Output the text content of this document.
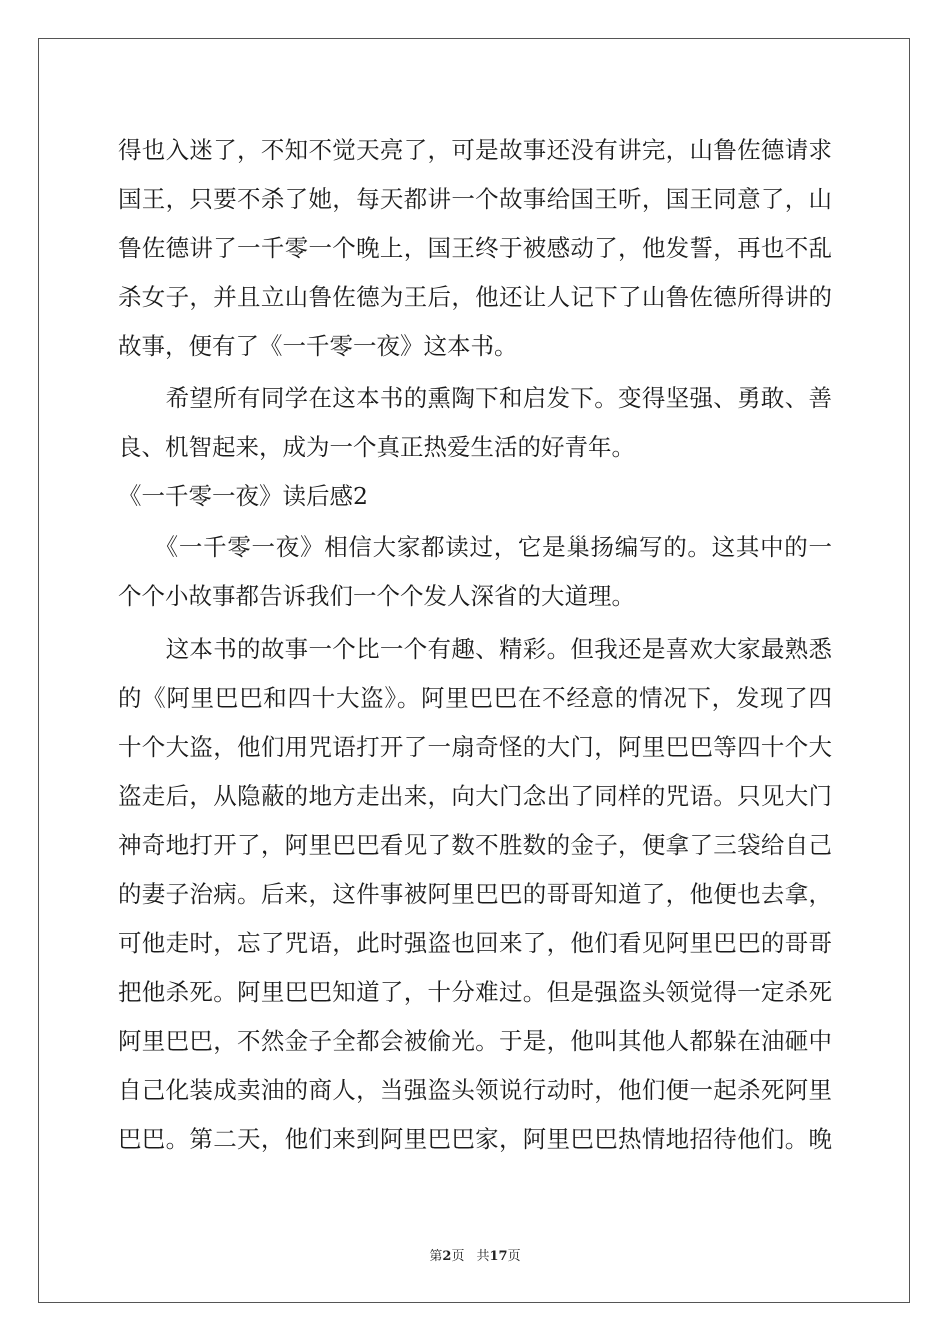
得也入迷了，不知不觉天亮了，可是故事还没有讲完，山鲁佐德请求
国王，只要不杀了她，每天都讲一个故事给国王听，国王同意了，山
鲁佐德讲了一千零一个晚上，国王终于被感动了，他发誓，再也不乱
杀女子，并且立山鲁佐德为王后，他还让人记下了山鲁佐德所得讲的
故事，便有了《一千零一夜》这本书。
　　希望所有同学在这本书的熏陶下和启发下。变得坚强、勇敢、善
良、机智起来，成为一个真正热爱生活的好青年。
《一千零一夜》读后感2
　　《一千零一夜》相信大家都读过，它是巢扬编写的。这其中的一
个个小故事都告诉我们一个个发人深省的大道理。
　　这本书的故事一个比一个有趣、精彩。但我还是喜欢大家最熟悉
的《阿里巴巴和四十大盗》。阿里巴巴在不经意的情况下，发现了四
十个大盗，他们用咒语打开了一扇奇怪的大门，阿里巴巴等四十个大
盗走后，从隐蔽的地方走出来，向大门念出了同样的咒语。只见大门
神奇地打开了，阿里巴巴看见了数不胜数的金子，便拿了三袋给自己
的妻子治病。后来，这件事被阿里巴巴的哥哥知道了，他便也去拿，
可他走时，忘了咒语，此时强盗也回来了，他们看见阿里巴巴的哥哥
把他杀死。阿里巴巴知道了，十分难过。但是强盗头领觉得一定杀死
阿里巴巴，不然金子全都会被偷光。于是，他叫其他人都躲在油砸中
自己化装成卖油的商人，当强盗头领说行动时，他们便一起杀死阿里
巴巴。第二天，他们来到阿里巴巴家，阿里巴巴热情地招待他们。晚
第2页 共17页
